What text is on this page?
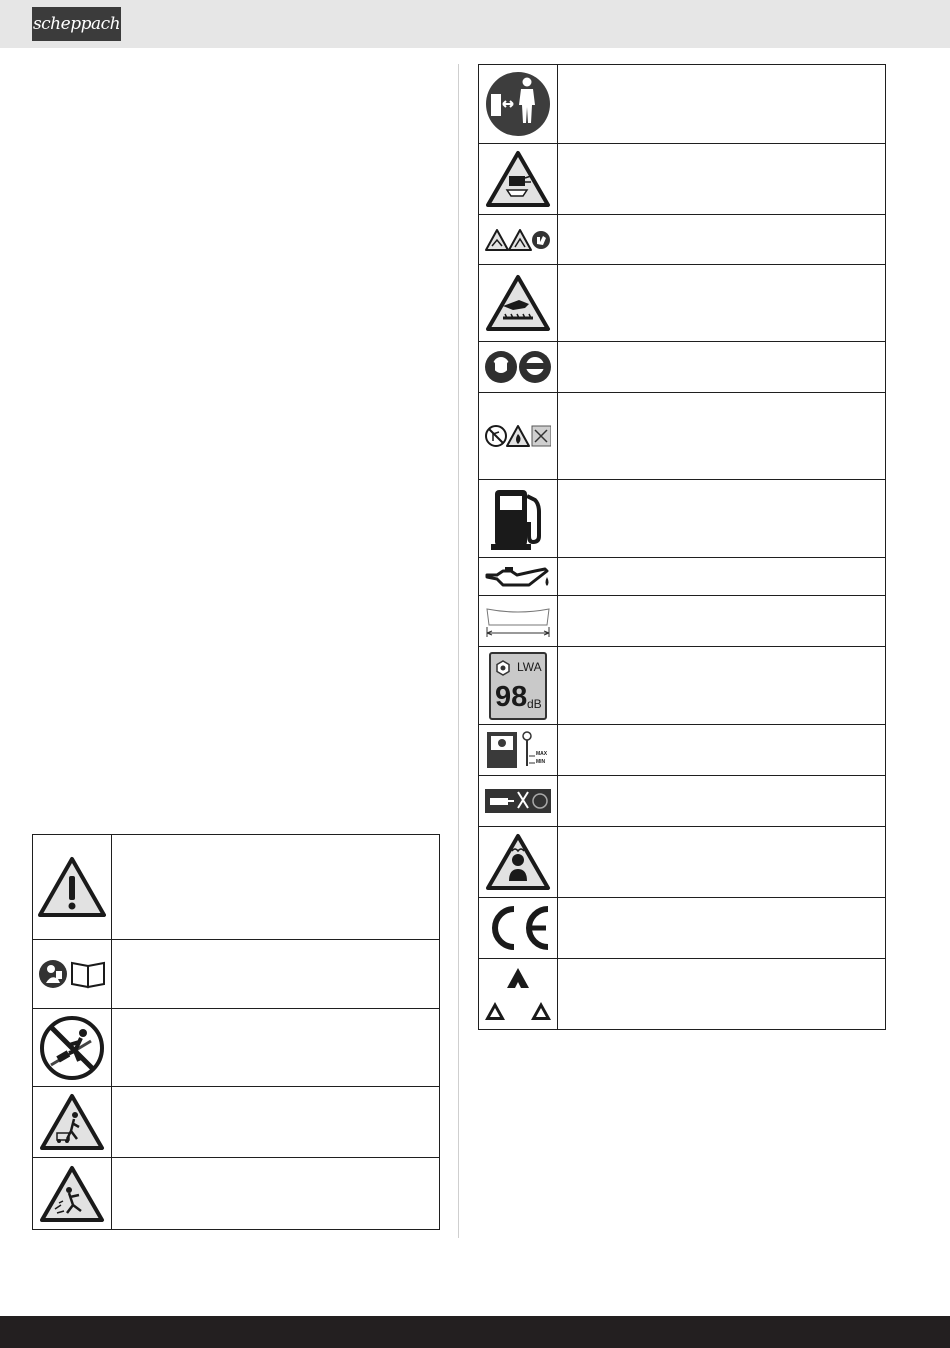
scheppach

LWA
98 dB	

MAX
MIN	
